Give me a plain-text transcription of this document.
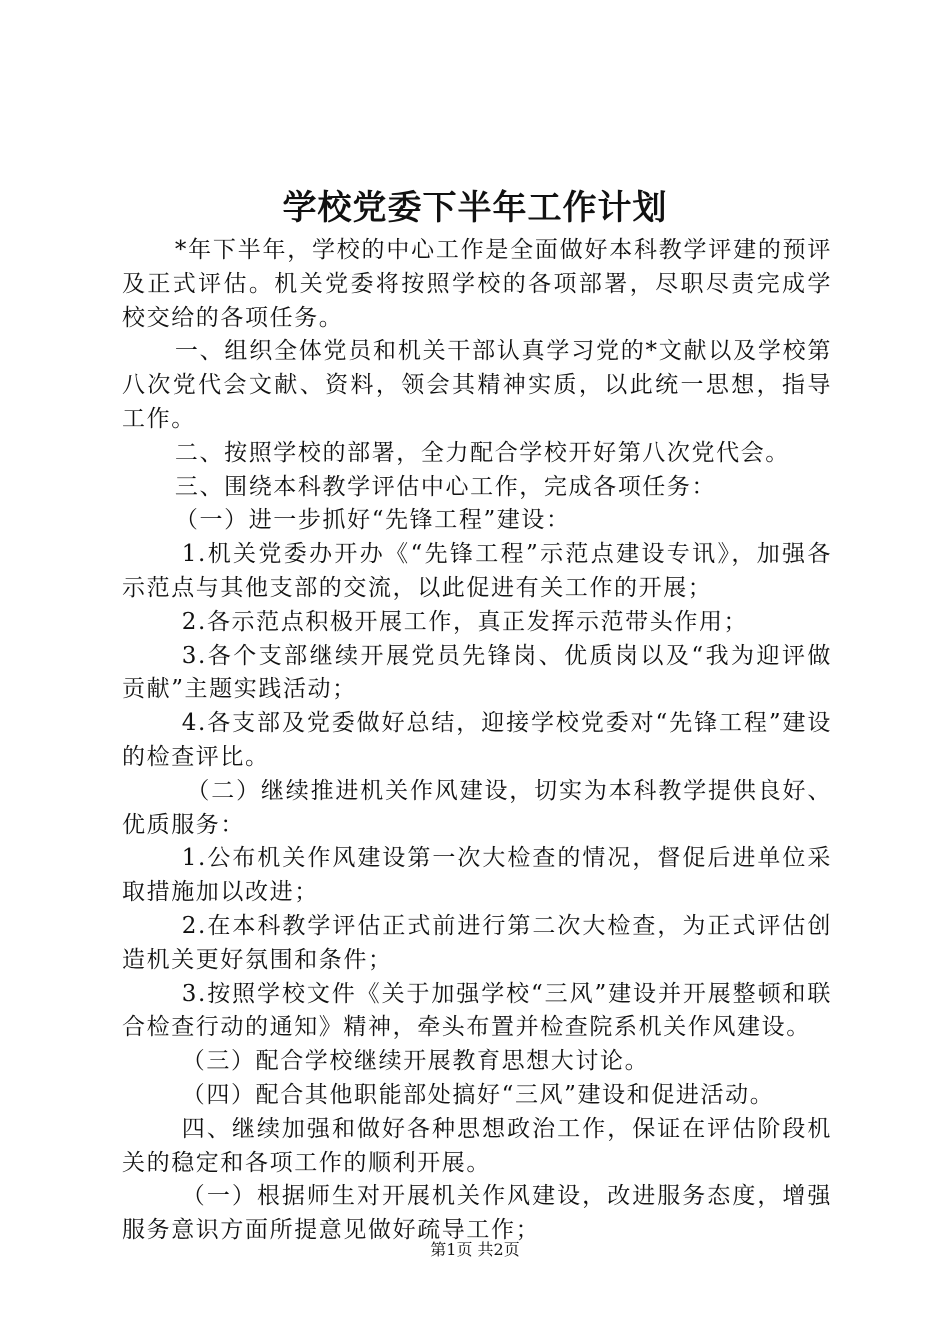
学校党委下半年工作计划

*年下半年，学校的中心工作是全面做好本科教学评建的预评及正式评估。机关党委将按照学校的各项部署，尽职尽责完成学校交给的各项任务。

一、组织全体党员和机关干部认真学习党的*文献以及学校第八次党代会文献、资料，领会其精神实质，以此统一思想，指导工作。

二、按照学校的部署，全力配合学校开好第八次党代会。

三、围绕本科教学评估中心工作，完成各项任务：

（一）进一步抓好“先锋工程”建设：

1.机关党委办开办《“先锋工程”示范点建设专讯》，加强各示范点与其他支部的交流，以此促进有关工作的开展；

2.各示范点积极开展工作，真正发挥示范带头作用；

3.各个支部继续开展党员先锋岗、优质岗以及“我为迎评做贡献”主题实践活动；

4.各支部及党委做好总结，迎接学校党委对“先锋工程”建设的检查评比。

（二）继续推进机关作风建设，切实为本科教学提供良好、优质服务：

1.公布机关作风建设第一次大检查的情况，督促后进单位采取措施加以改进；

2.在本科教学评估正式前进行第二次大检查，为正式评估创造机关更好氛围和条件；

3.按照学校文件《关于加强学校“三风”建设并开展整顿和联合检查行动的通知》精神，牵头布置并检查院系机关作风建设。

（三）配合学校继续开展教育思想大讨论。

（四）配合其他职能部处搞好“三风”建设和促进活动。

四、继续加强和做好各种思想政治工作，保证在评估阶段机关的稳定和各项工作的顺利开展。

（一）根据师生对开展机关作风建设，改进服务态度，增强服务意识方面所提意见做好疏导工作；

第1页 共2页
